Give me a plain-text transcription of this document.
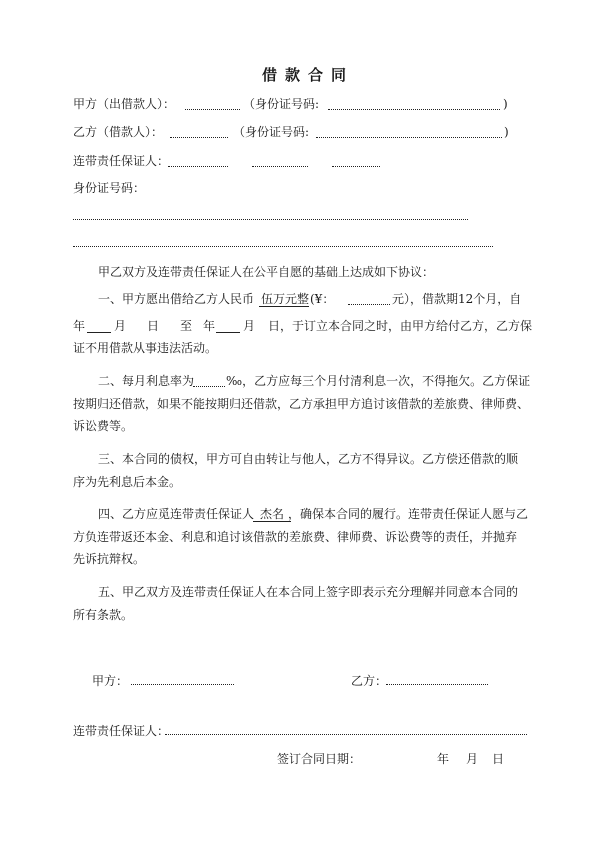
借款合同
甲方（出借款人）：	（身份证号码:	)
乙方（借款人）：	（身份证号码:	)
连带责任保证人：
身份证号码：
甲乙双方及连带责任保证人在公平自愿的基础上达成如下协议：
一、甲方愿出借给乙方人民币 伍万元整 (¥：	元），借款期12个月，自
年 月 日 至 年 月 日，于订立本合同之时，由甲方给付乙方，乙方保
证不用借款从事违法活动。
二、每月利息率为	‰，乙方应每三个月付清利息一次，不得拖欠。乙方保证
按期归还借款，如果不能按期归还借款，乙方承担甲方追讨该借款的差旅费、律师费、
诉讼费等。
三、本合同的债权，甲方可自由转让与他人，乙方不得异议。乙方偿还借款的顺
序为先利息后本金。
四、乙方应觅连带责任保证人 杰名 ，确保本合同的履行。连带责任保证人愿与乙
方负连带返还本金、利息和追讨该借款的差旅费、律师费、诉讼费等的责任，并抛弃
先诉抗辩权。
五、甲乙双方及连带责任保证人在本合同上签字即表示充分理解并同意本合同的
所有条款。
甲方：	乙方：
连带责任保证人：
签订合同日期：	年 月 日
